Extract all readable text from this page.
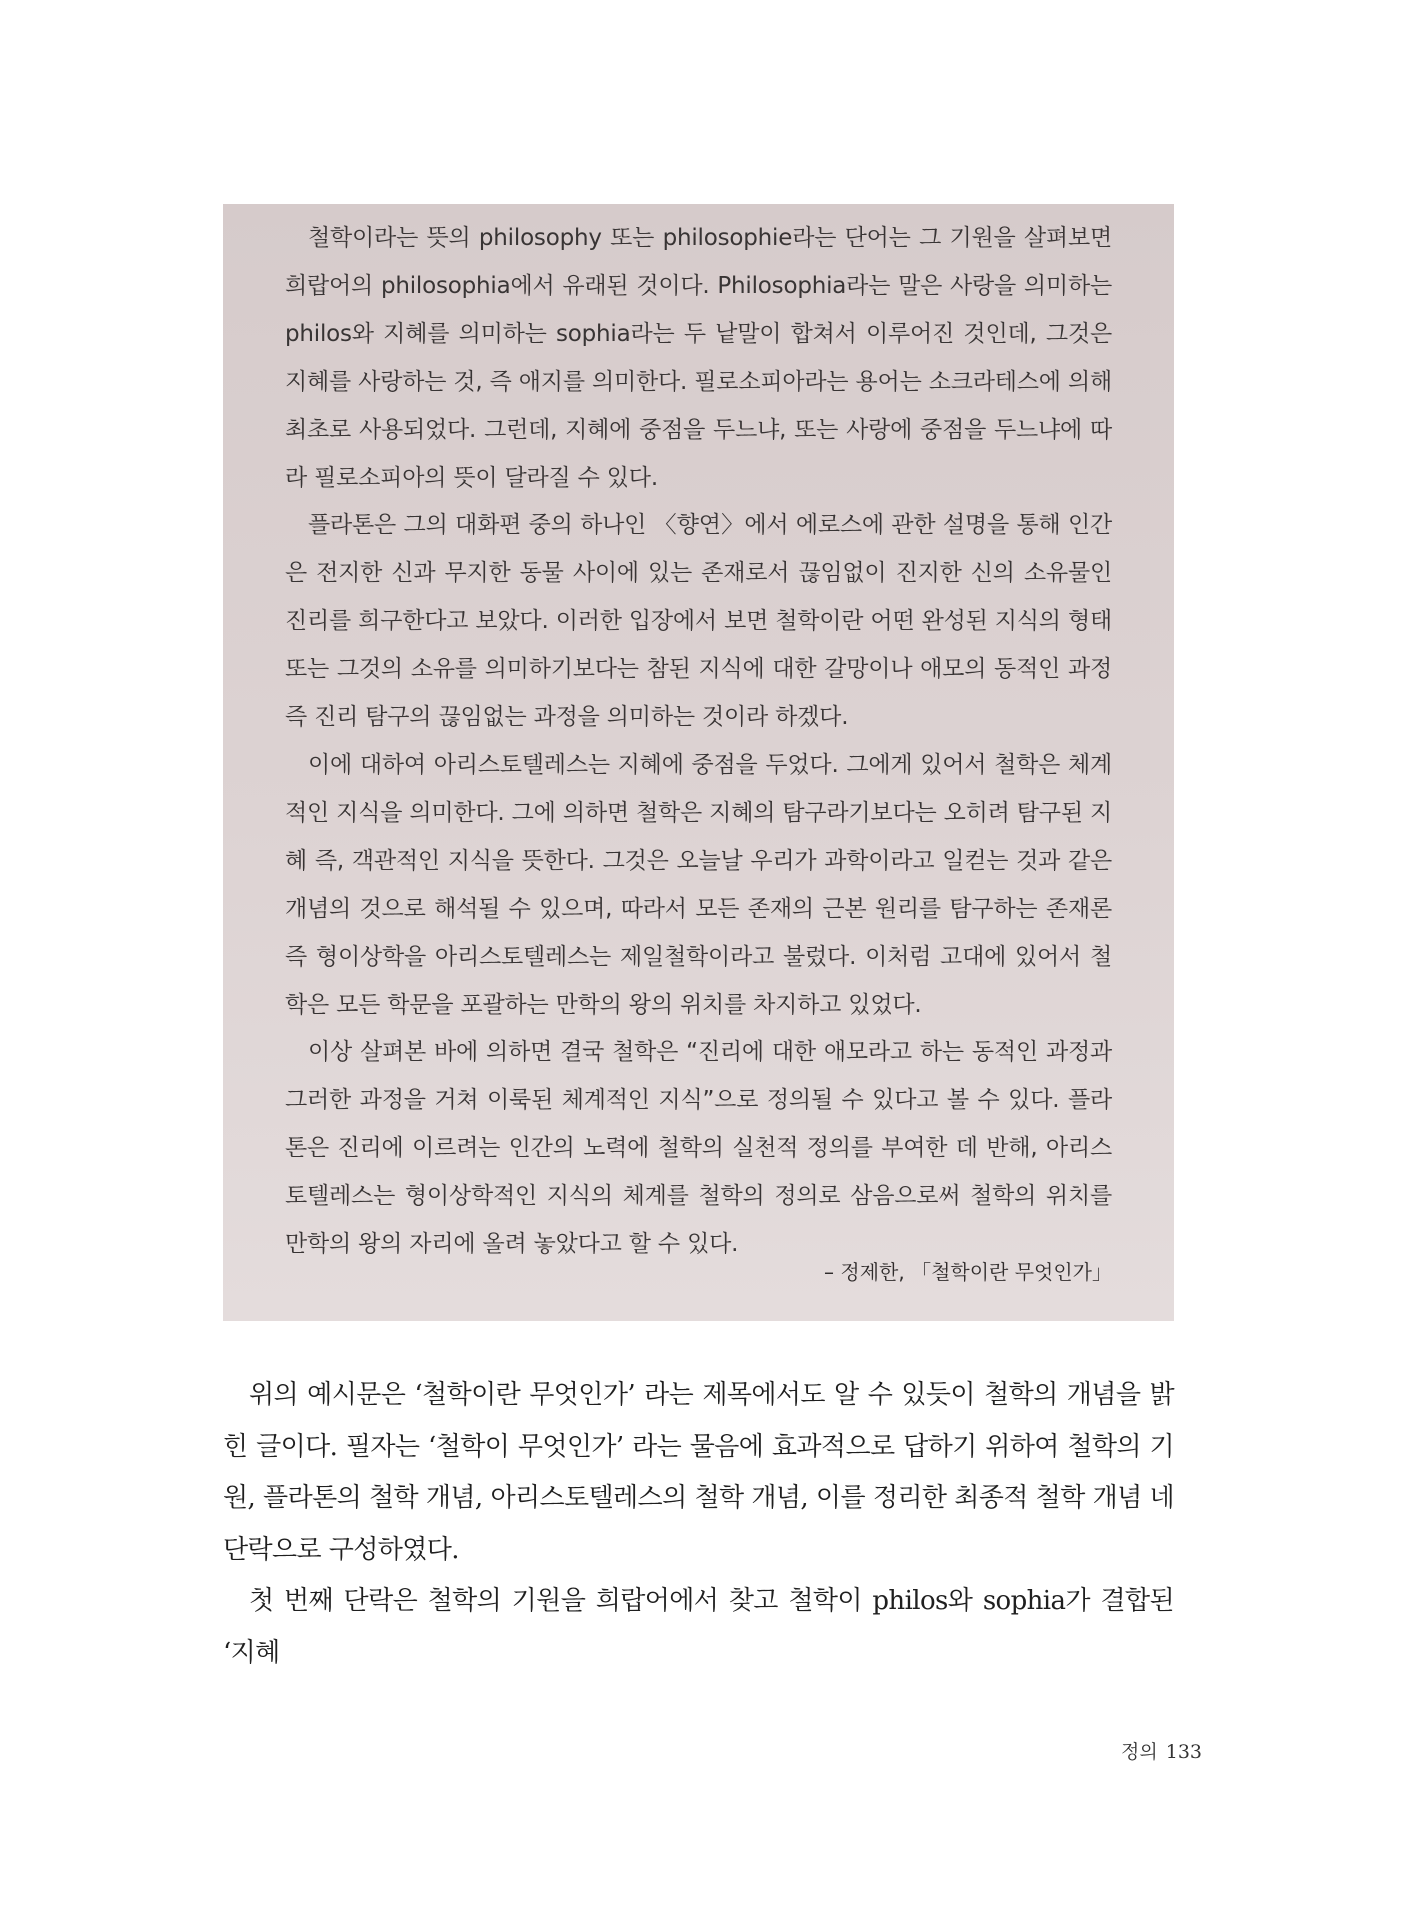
철학이라는 뜻의 philosophy 또는 philosophie라는 단어는 그 기원을 살펴보면 희랍어의 philosophia에서 유래된 것이다. Philosophia라는 말은 사랑을 의미하는 philos와 지혜를 의미하는 sophia라는 두 낱말이 합쳐서 이루어진 것인데, 그것은 지혜를 사랑하는 것, 즉 애지를 의미한다. 필로소피아라는 용어는 소크라테스에 의해 최초로 사용되었다. 그런데, 지혜에 중점을 두느냐, 또는 사랑에 중점을 두느냐에 따라 필로소피아의 뜻이 달라질 수 있다.

플라톤은 그의 대화편 중의 하나인 〈향연〉에서 에로스에 관한 설명을 통해 인간은 전지한 신과 무지한 동물 사이에 있는 존재로서 끊임없이 진지한 신의 소유물인 진리를 희구한다고 보았다. 이러한 입장에서 보면 철학이란 어떤 완성된 지식의 형태 또는 그것의 소유를 의미하기보다는 참된 지식에 대한 갈망이나 애모의 동적인 과정 즉 진리 탐구의 끊임없는 과정을 의미하는 것이라 하겠다.

이에 대하여 아리스토텔레스는 지혜에 중점을 두었다. 그에게 있어서 철학은 체계적인 지식을 의미한다. 그에 의하면 철학은 지혜의 탐구라기보다는 오히려 탐구된 지혜 즉, 객관적인 지식을 뜻한다. 그것은 오늘날 우리가 과학이라고 일컫는 것과 같은 개념의 것으로 해석될 수 있으며, 따라서 모든 존재의 근본 원리를 탐구하는 존재론 즉 형이상학을 아리스토텔레스는 제일철학이라고 불렀다. 이처럼 고대에 있어서 철학은 모든 학문을 포괄하는 만학의 왕의 위치를 차지하고 있었다.

이상 살펴본 바에 의하면 결국 철학은 “진리에 대한 애모라고 하는 동적인 과정과 그러한 과정을 거쳐 이룩된 체계적인 지식”으로 정의될 수 있다고 볼 수 있다. 플라톤은 진리에 이르려는 인간의 노력에 철학의 실천적 정의를 부여한 데 반해, 아리스토텔레스는 형이상학적인 지식의 체계를 철학의 정의로 삼음으로써 철학의 위치를 만학의 왕의 자리에 올려 놓았다고 할 수 있다.

– 정제한, 「철학이란 무엇인가」

위의 예시문은 ‘철학이란 무엇인가’ 라는 제목에서도 알 수 있듯이 철학의 개념을 밝힌 글이다. 필자는 ‘철학이 무엇인가’ 라는 물음에 효과적으로 답하기 위하여 철학의 기원, 플라톤의 철학 개념, 아리스토텔레스의 철학 개념, 이를 정리한 최종적 철학 개념 네 단락으로 구성하였다.

첫 번째 단락은 철학의 기원을 희랍어에서 찾고 철학이 philos와 sophia가 결합된 ‘지혜

정의 133
